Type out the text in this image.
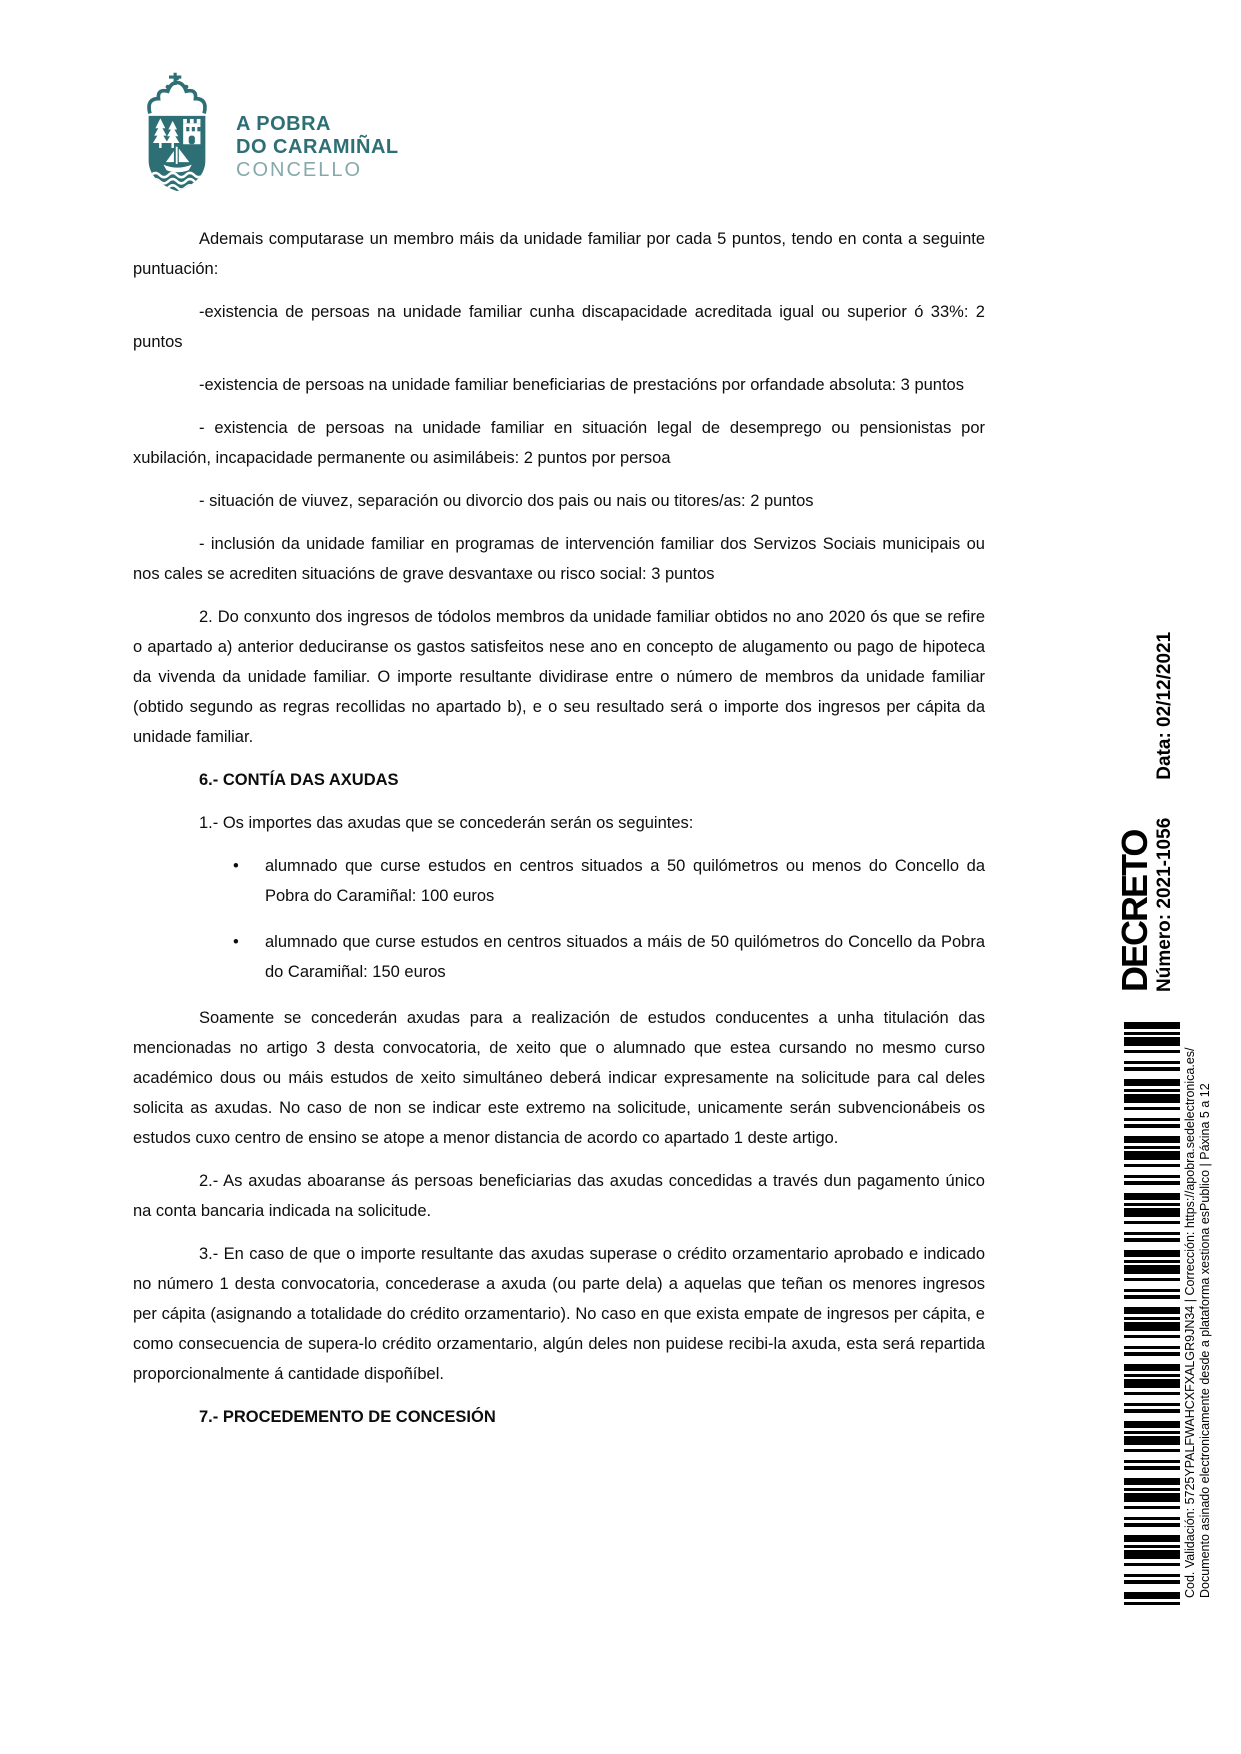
A POBRA
DO CARAMIÑAL
CONCELLO

Ademais computarase un membro máis da unidade familiar por cada 5 puntos, tendo en conta a seguinte puntuación:

-existencia de persoas na unidade familiar cunha discapacidade acreditada igual ou superior ó 33%: 2 puntos

-existencia de persoas na unidade familiar beneficiarias de prestacións por orfandade absoluta: 3 puntos

- existencia de persoas na unidade familiar en situación legal de desemprego ou pensionistas por xubilación, incapacidade permanente ou asimilábeis: 2 puntos por persoa

- situación de viuvez, separación ou divorcio dos pais ou nais ou titores/as: 2 puntos

- inclusión da unidade familiar en programas de intervención familiar dos Servizos Sociais municipais ou nos cales se acrediten situacións de grave desvantaxe ou risco social: 3 puntos

2. Do conxunto dos ingresos de tódolos membros da unidade familiar obtidos no ano 2020 ós que se refire o apartado a) anterior deduciranse os gastos satisfeitos nese ano en concepto de alugamento ou pago de hipoteca da vivenda da unidade familiar. O importe resultante dividirase entre o número de membros da unidade familiar (obtido segundo as regras recollidas no apartado b), e o seu resultado será o importe dos ingresos per cápita da unidade familiar.

6.- CONTÍA DAS AXUDAS

1.- Os importes das axudas que se concederán serán os seguintes:

• alumnado que curse estudos en centros situados a 50 quilómetros ou menos do Concello da Pobra do Caramiñal: 100 euros

• alumnado que curse estudos en centros situados a máis de 50 quilómetros do Concello da Pobra do Caramiñal: 150 euros

Soamente se concederán axudas para a realización de estudos conducentes a unha titulación das mencionadas no artigo 3 desta convocatoria, de xeito que o alumnado que estea cursando no mesmo curso académico dous ou máis estudos de xeito simultáneo deberá indicar expresamente na solicitude para cal deles solicita as axudas. No caso de non se indicar este extremo na solicitude, unicamente serán subvencionábeis os estudos cuxo centro de ensino se atope a menor distancia de acordo co apartado 1 deste artigo.

2.- As axudas aboaranse ás persoas beneficiarias das axudas concedidas a través dun pagamento único na conta bancaria indicada na solicitude.

3.- En caso de que o importe resultante das axudas superase o crédito orzamentario aprobado e indicado no número 1 desta convocatoria, concederase a axuda (ou parte dela) a aquelas que teñan os menores ingresos per cápita (asignando a totalidade do crédito orzamentario). No caso en que exista empate de ingresos per cápita, e como consecuencia de supera-lo crédito orzamentario, algún deles non puidese recibi-la axuda, esta será repartida proporcionalmente á cantidade dispoñíbel.

7.- PROCEDEMENTO DE CONCESIÓN

DECRETO Número: 2021-1056Data: 02/12/2021
Cod. Validación: 5725YPALFWAHCXFXALGR9JN34 | Corrección: https://apobra.sedelectronica.es/ Documento asinado electronicamente desde a plataforma xestiona esPublico | Páxina 5 a 12
